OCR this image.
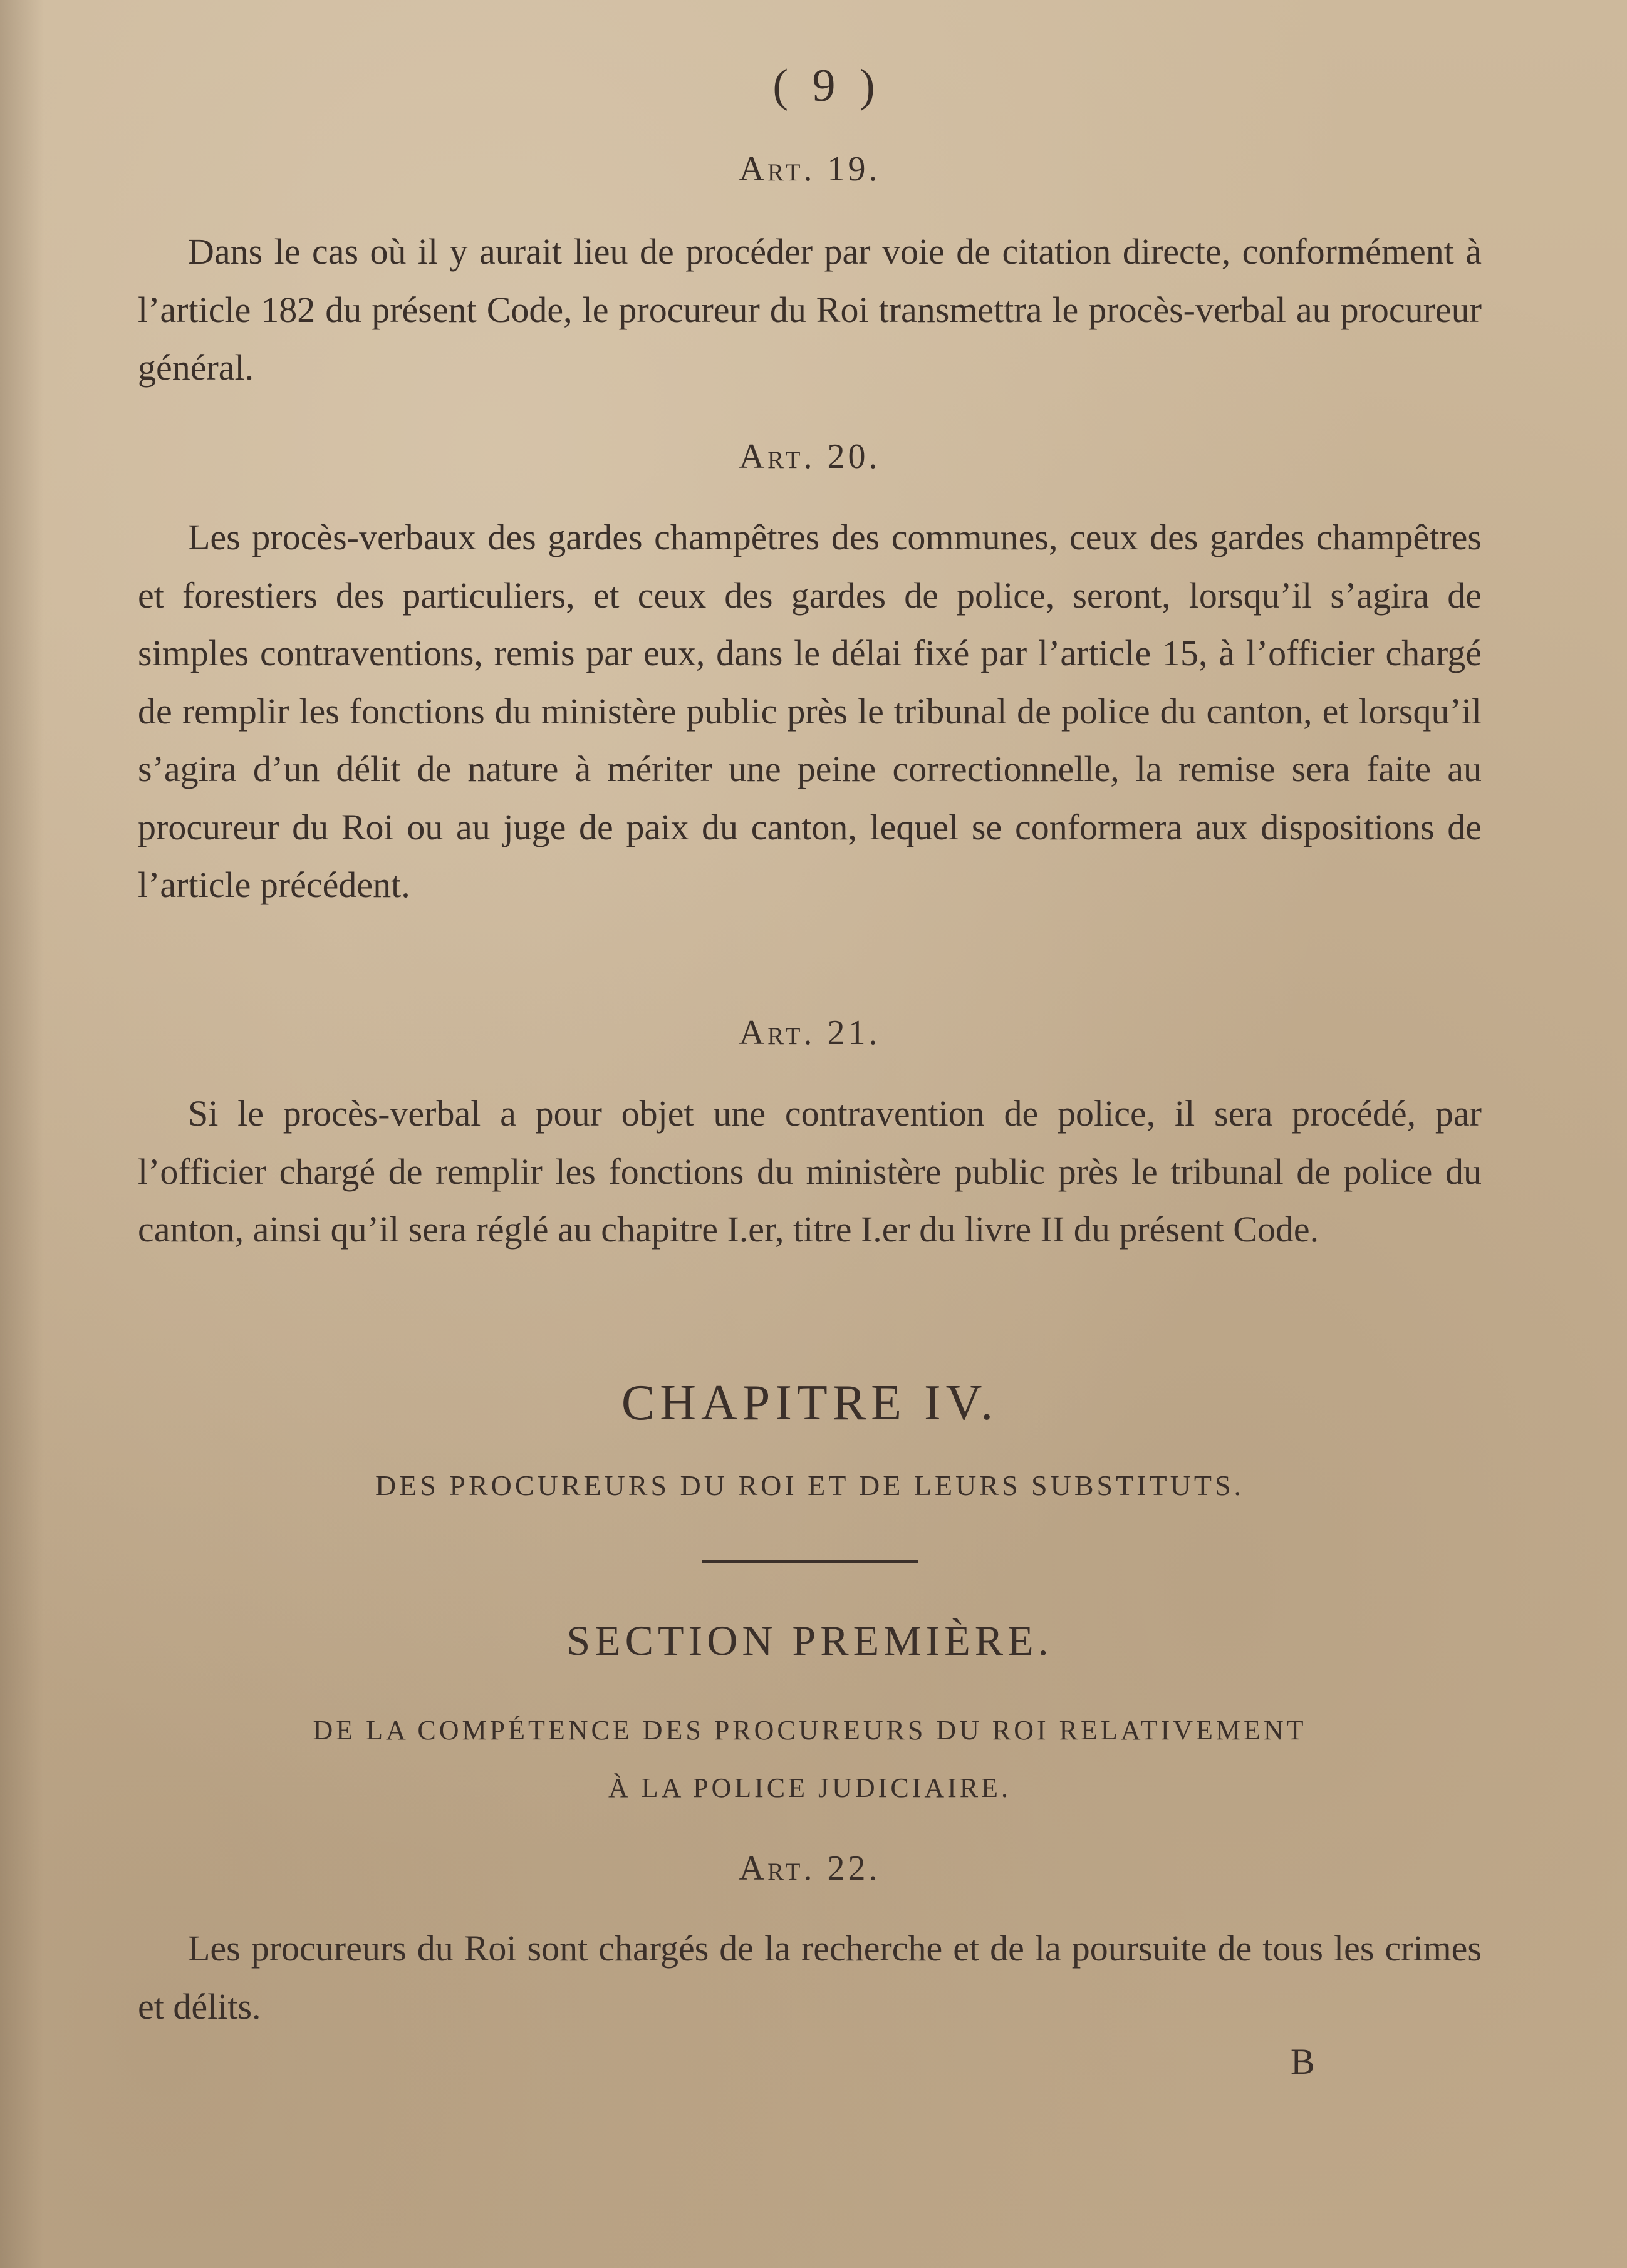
( 9 )
Art. 19.

Dans le cas où il y aurait lieu de procéder par voie de citation directe, conformément à l’article 182 du présent Code, le procureur du Roi transmettra le procès-verbal au procureur général.

Art. 20.

Les procès-verbaux des gardes champêtres des communes, ceux des gardes champêtres et forestiers des particuliers, et ceux des gardes de police, seront, lorsqu’il s’agira de simples contraventions, remis par eux, dans le délai fixé par l’article 15, à l’officier chargé de remplir les fonctions du ministère public près le tribunal de police du canton, et lorsqu’il s’agira d’un délit de nature à mériter une peine correctionnelle, la remise sera faite au procureur du Roi ou au juge de paix du canton, lequel se conformera aux dispositions de l’article précédent.

Art. 21.

Si le procès-verbal a pour objet une contravention de police, il sera procédé, par l’officier chargé de remplir les fonctions du ministère public près le tribunal de police du canton, ainsi qu’il sera réglé au chapitre I.er, titre I.er du livre II du présent Code.

CHAPITRE IV.
DES PROCUREURS DU ROI ET DE LEURS SUBSTITUTS.
SECTION PREMIÈRE.
DE LA COMPÉTENCE DES PROCUREURS DU ROI RELATIVEMENT
À LA POLICE JUDICIAIRE.
Art. 22.

Les procureurs du Roi sont chargés de la recherche et de la poursuite de tous les crimes et délits.

B
